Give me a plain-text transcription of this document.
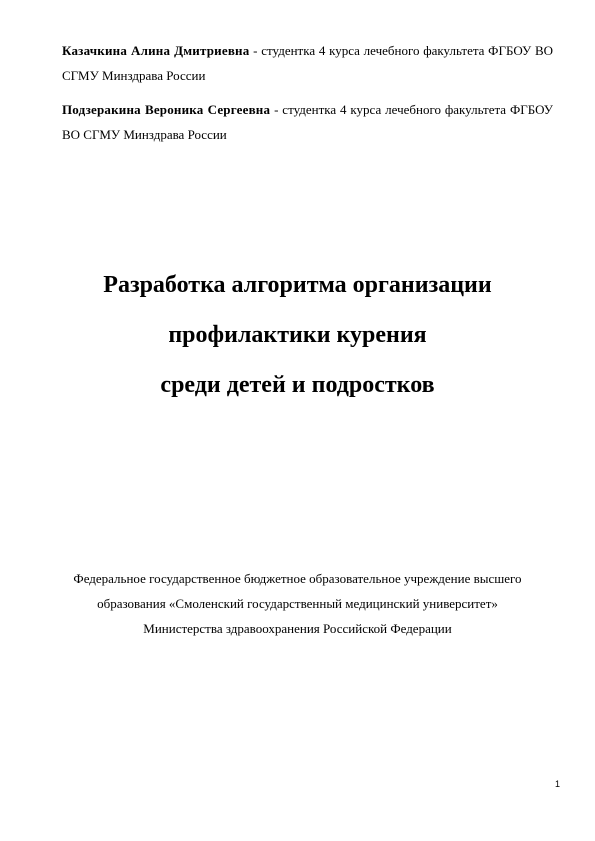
Казачкина Алина Дмитриевна - студентка 4 курса лечебного факультета ФГБОУ ВО СГМУ Минздрава России

Подзеракина Вероника Сергеевна - студентка 4 курса лечебного факультета ФГБОУ ВО СГМУ Минздрава России

Разработка алгоритма организации
профилактики курения
среди детей и подростков
Федеральное государственное бюджетное образовательное учреждение высшего
образования «Смоленский государственный медицинский университет»
Министерства здравоохранения Российской Федерации
1
